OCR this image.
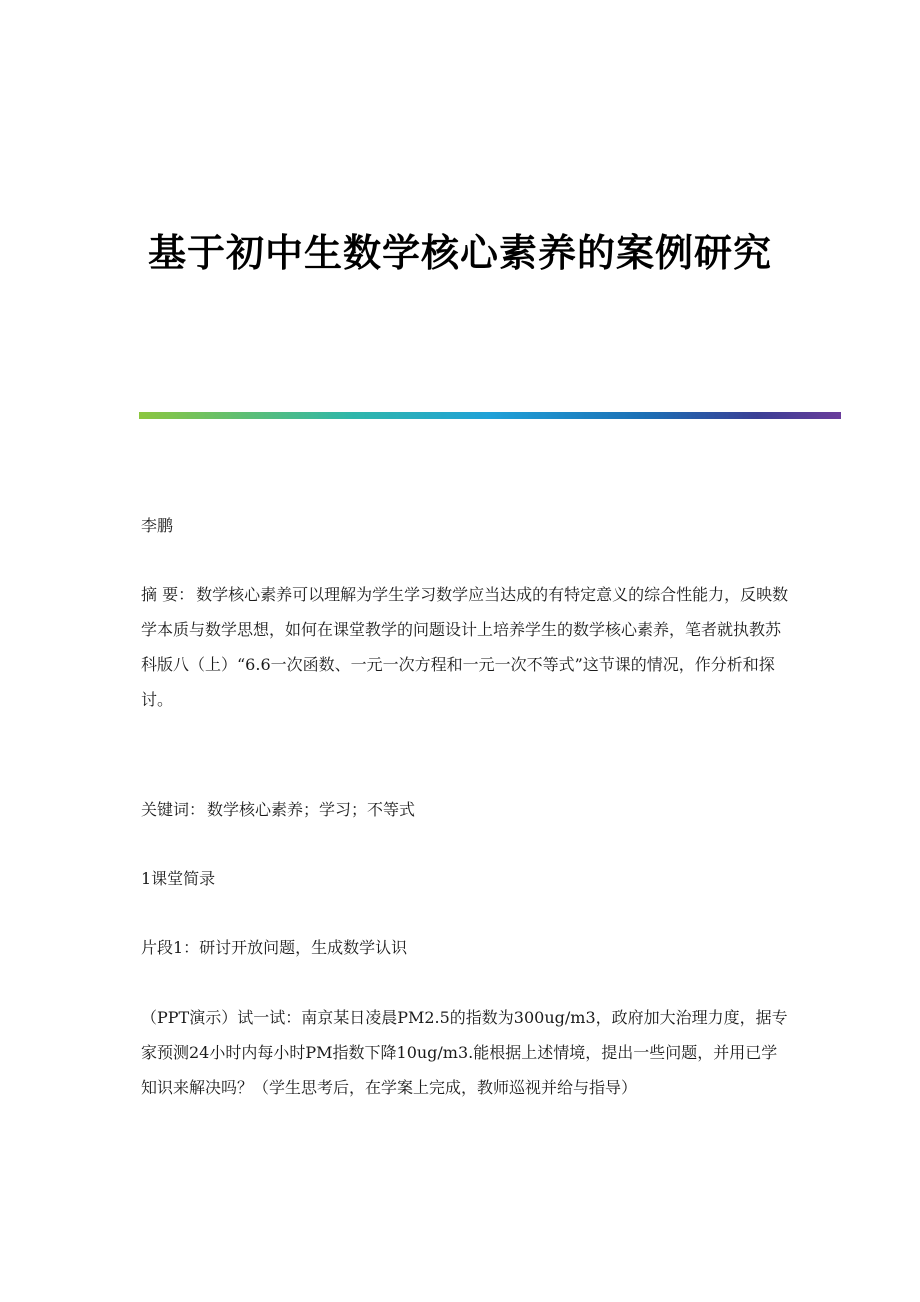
基于初中生数学核心素养的案例研究
李鹏
摘 要： 数学核心素养可以理解为学生学习数学应当达成的有特定意义的综合性能力，反映数学本质与数学思想，如何在课堂教学的问题设计上培养学生的数学核心素养，笔者就执教苏科版八（上）“6.6一次函数、一元一次方程和一元一次不等式”这节课的情况，作分析和探讨。
关键词： 数学核心素养；学习；不等式
1课堂简录
片段1：研讨开放问题，生成数学认识
（PPT演示）试一试：南京某日凌晨PM2.5的指数为300ug/m3，政府加大治理力度，据专家预测24小时内每小时PM指数下降10ug/m3.能根据上述情境，提出一些问题，并用已学知识来解决吗？（学生思考后，在学案上完成，教师巡视并给与指导）
